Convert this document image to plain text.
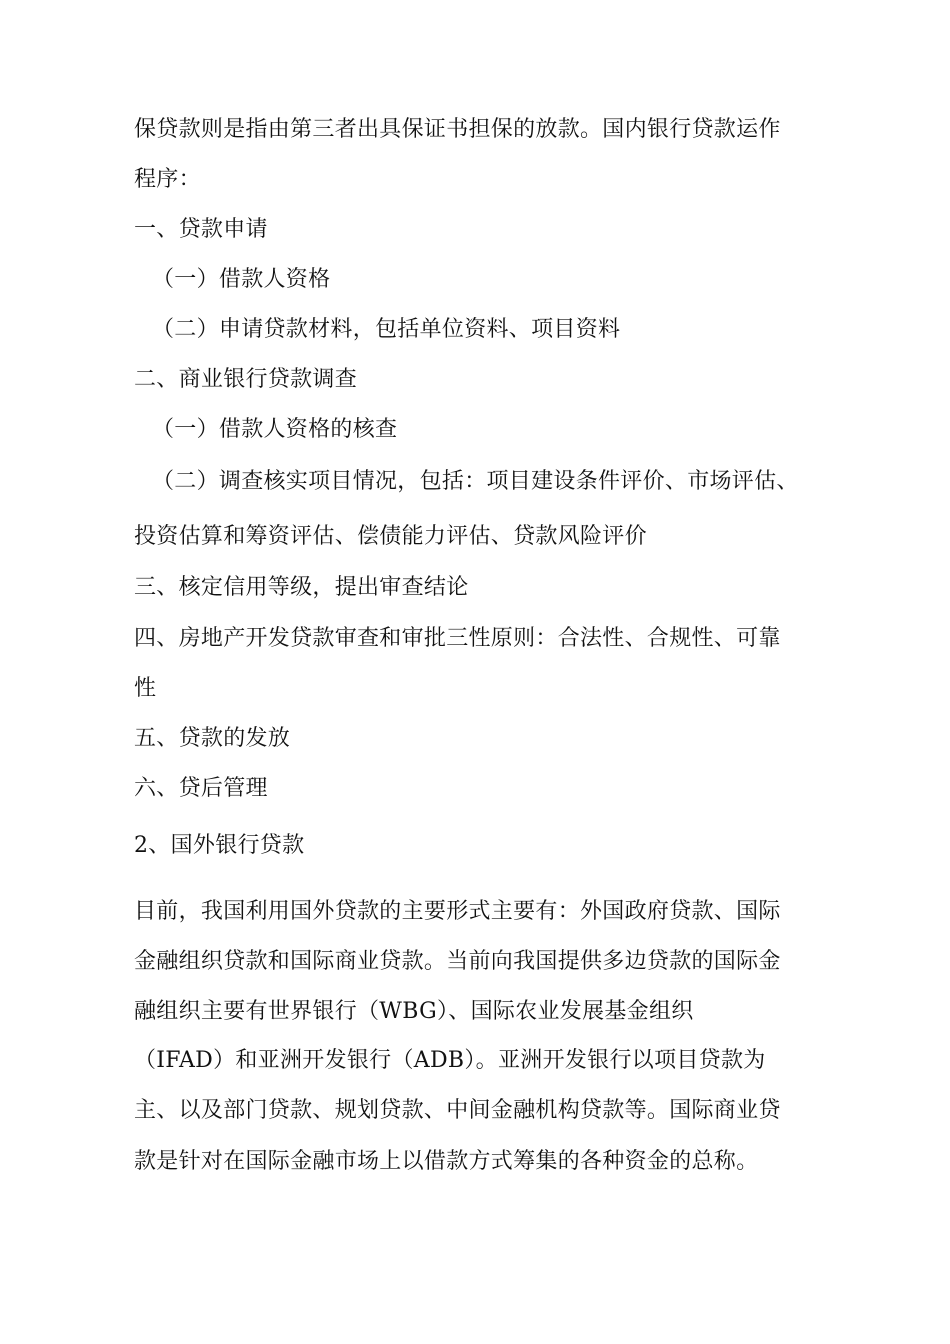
保贷款则是指由第三者出具保证书担保的放款。国内银行贷款运作
程序：
一、贷款申请
（一）借款人资格
（二）申请贷款材料，包括单位资料、项目资料
二、商业银行贷款调查
（一）借款人资格的核查
（二）调查核实项目情况，包括：项目建设条件评价、市场评估、
投资估算和筹资评估、偿债能力评估、贷款风险评价
三、核定信用等级，提出审查结论
四、房地产开发贷款审查和审批三性原则：合法性、合规性、可靠
性
五、贷款的发放
六、贷后管理
2、国外银行贷款
目前，我国利用国外贷款的主要形式主要有：外国政府贷款、国际
金融组织贷款和国际商业贷款。当前向我国提供多边贷款的国际金
融组织主要有世界银行（WBG）、国际农业发展基金组织
（IFAD）和亚洲开发银行（ADB）。亚洲开发银行以项目贷款为
主、以及部门贷款、规划贷款、中间金融机构贷款等。国际商业贷
款是针对在国际金融市场上以借款方式筹集的各种资金的总称。
